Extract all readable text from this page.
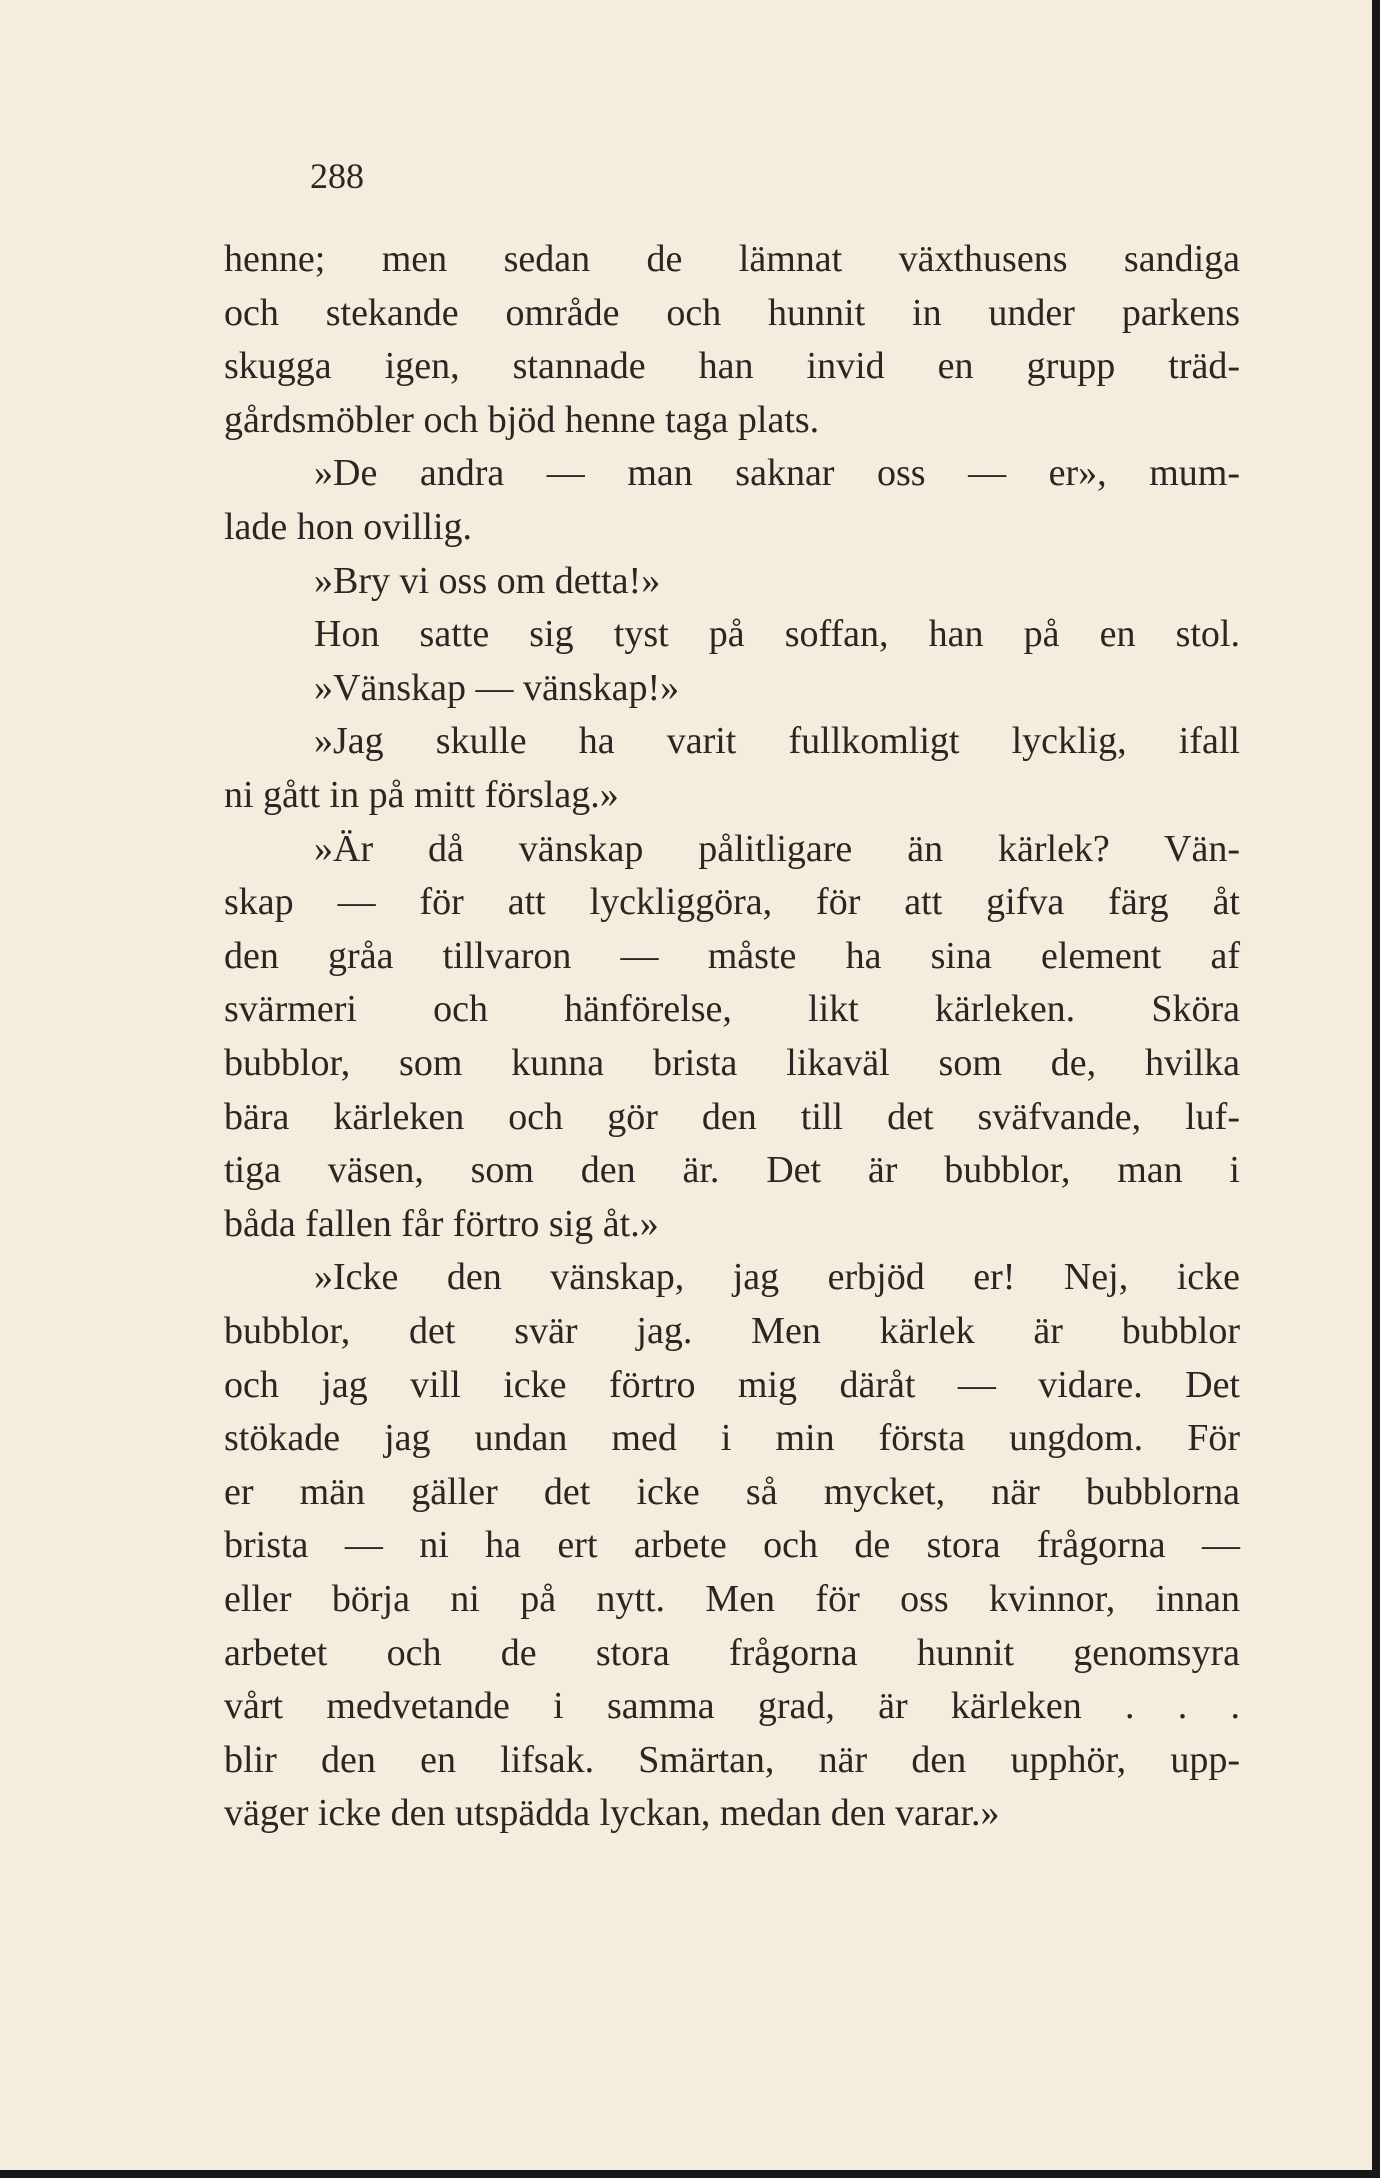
288
henne; men sedan de lämnat växthusens sandiga
och stekande område och hunnit in under parkens
skugga igen, stannade han invid en grupp träd-
gårdsmöbler och bjöd henne taga plats.
»De andra — man saknar oss — er», mum-
lade hon ovillig.
»Bry vi oss om detta!»
Hon satte sig tyst på soffan, han på en stol.
»Vänskap — vänskap!»
»Jag skulle ha varit fullkomligt lycklig, ifall
ni gått in på mitt förslag.»
»Är då vänskap pålitligare än kärlek? Vän-
skap — för att lyckliggöra, för att gifva färg åt
den gråa tillvaron — måste ha sina element af
svärmeri och hänförelse, likt kärleken. Sköra
bubblor, som kunna brista likaväl som de, hvilka
bära kärleken och gör den till det sväfvande, luf-
tiga väsen, som den är. Det är bubblor, man i
båda fallen får förtro sig åt.»
»Icke den vänskap, jag erbjöd er! Nej, icke
bubblor, det svär jag. Men kärlek är bubblor
och jag vill icke förtro mig däråt — vidare. Det
stökade jag undan med i min första ungdom. För
er män gäller det icke så mycket, när bubblorna
brista — ni ha ert arbete och de stora frågorna —
eller börja ni på nytt. Men för oss kvinnor, innan
arbetet och de stora frågorna hunnit genomsyra
vårt medvetande i samma grad, är kärleken . . .
blir den en lifsak. Smärtan, när den upphör, upp-
väger icke den utspädda lyckan, medan den varar.»
